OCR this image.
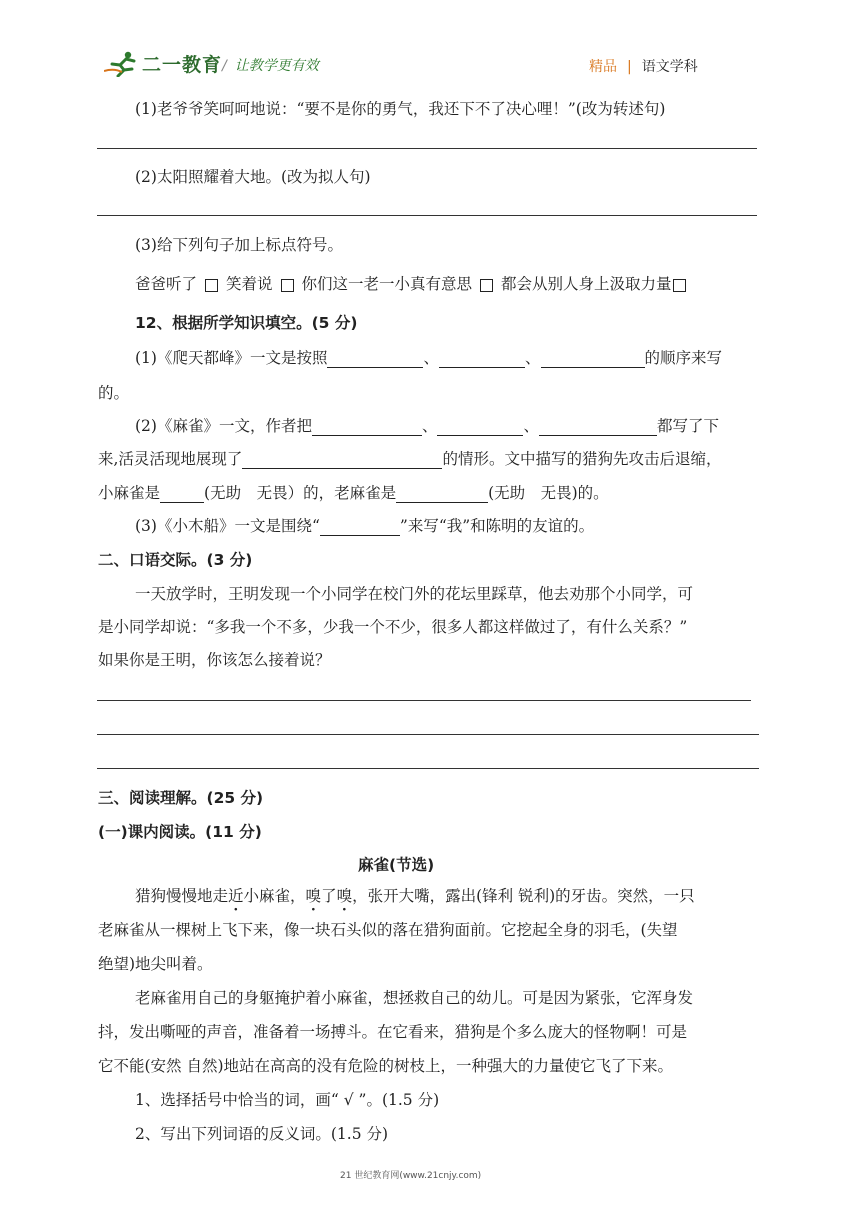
二一教育 / 让教学更有效	精品 | 语文学科
(1)老爷爷笑呵呵地说：“要不是你的勇气，我还下不了决心哩！”(改为转述句)
(2)太阳照耀着大地。(改为拟人句)
(3)给下列句子加上标点符号。
爸爸听了 笑着说 你们这一老一小真有意思 都会从别人身上汲取力量
12、根据所学知识填空。(5 分)
(1)《爬天都峰》一文是按照	、	、	的顺序来写
的。
(2)《麻雀》一文，作者把	、	、	都写了下
来,活灵活现地展现了	的情形。文中描写的猎狗先攻击后退缩，
小麻雀是	(无助　无畏）的，老麻雀是	(无助　无畏)的。
(3)《小木船》一文是围绕“	”来写“我”和陈明的友谊的。
二、口语交际。(3 分)
一天放学时，王明发现一个小同学在校门外的花坛里踩草，他去劝那个小同学，可
是小同学却说：“多我一个不多，少我一个不少，很多人都这样做过了，有什么关系？”
如果你是王明，你该怎么接着说？
三、阅读理解。(25 分)
(一)课内阅读。(11 分)
麻雀(节选)
猎狗慢慢地走近小麻雀，嗅了嗅，张开大嘴，露出(锋利 锐利)的牙齿。突然，一只
老麻雀从一棵树上飞下来，像一块石头似的落在猎狗面前。它挖起全身的羽毛，(失望
绝望)地尖叫着。
老麻雀用自己的身躯掩护着小麻雀，想拯救自己的幼儿。可是因为紧张，它浑身发
抖，发出嘶哑的声音，准备着一场搏斗。在它看来，猎狗是个多么庞大的怪物啊！可是
它不能(安然 自然)地站在高高的没有危险的树枝上，一种强大的力量使它飞了下来。
1、选择括号中恰当的词，画“ √ ”。(1.5 分)
2、写出下列词语的反义词。(1.5 分)
21 世纪教育网(www.21cnjy.com)
